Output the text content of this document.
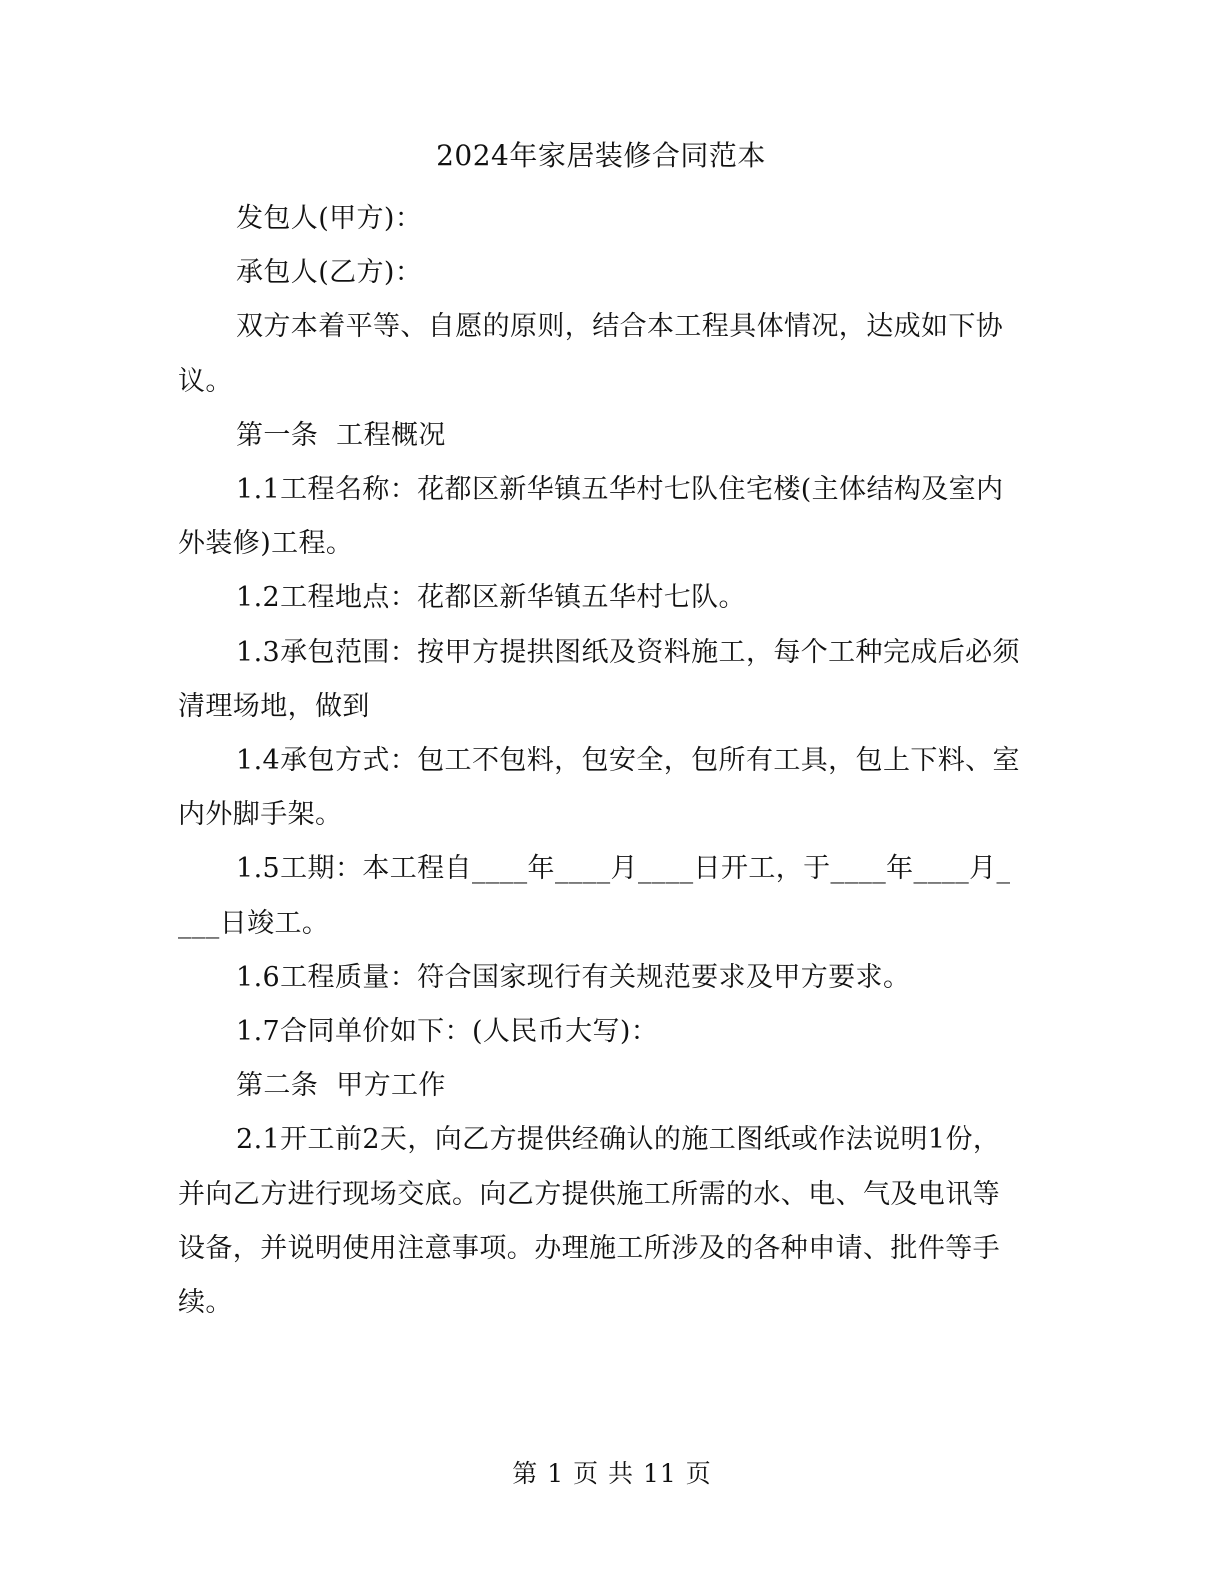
2024年家居装修合同范本

发包人(甲方)：

承包人(乙方)：

双方本着平等、自愿的原则，结合本工程具体情况，达成如下协议。

第一条  工程概况

1.1工程名称：花都区新华镇五华村七队住宅楼(主体结构及室内外装修)工程。

1.2工程地点：花都区新华镇五华村七队。

1.3承包范围：按甲方提拱图纸及资料施工，每个工种完成后必须清理场地，做到

1.4承包方式：包工不包料，包安全，包所有工具，包上下料、室内外脚手架。

1.5工期：本工程自____年____月____日开工，于____年____月____日竣工。

1.6工程质量：符合国家现行有关规范要求及甲方要求。

1.7合同单价如下：(人民币大写)：

第二条  甲方工作

2.1开工前2天，向乙方提供经确认的施工图纸或作法说明1份，并向乙方进行现场交底。向乙方提供施工所需的水、电、气及电讯等设备，并说明使用注意事项。办理施工所涉及的各种申请、批件等手续。

第 1 页 共 11 页
